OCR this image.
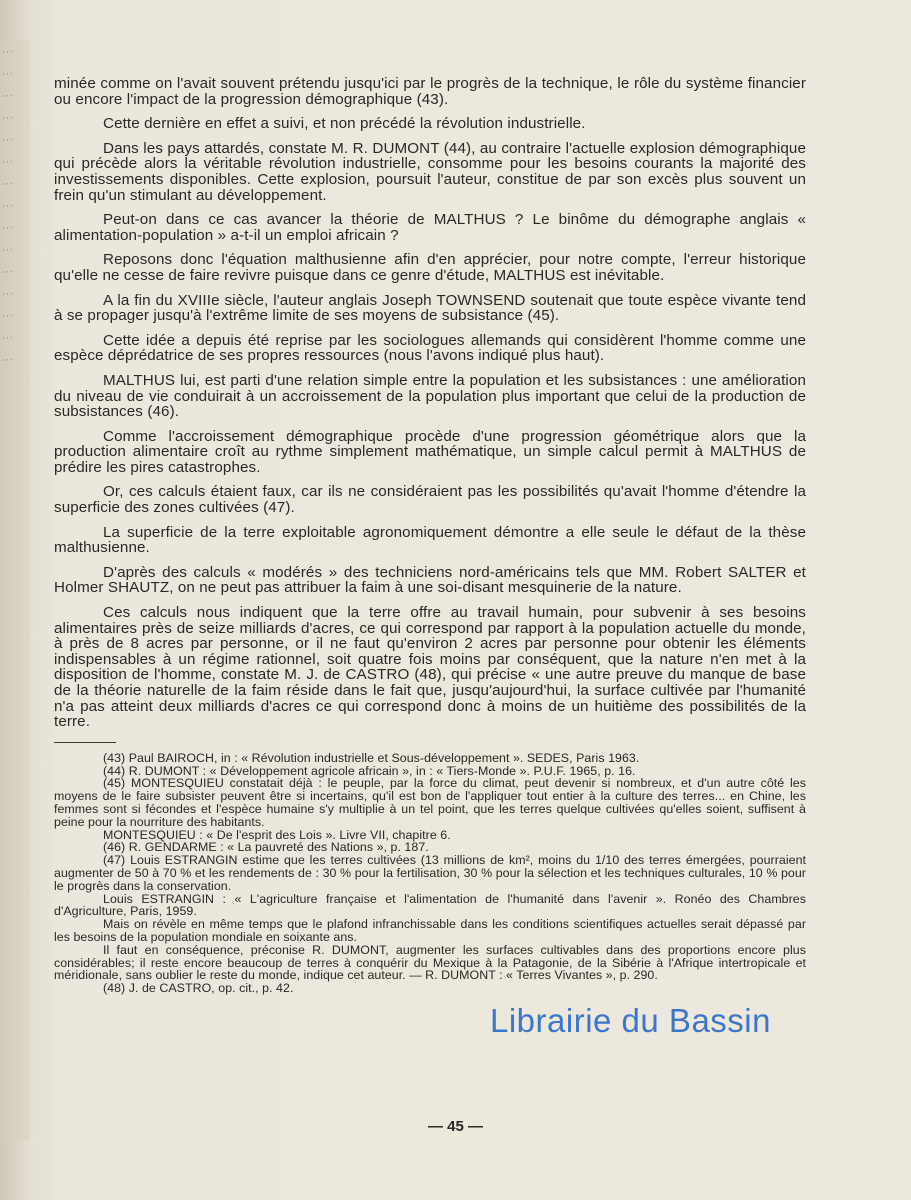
···
···
···
···
···
···
···
···
···
···
···
···
···
···
···

minée comme on l'avait souvent prétendu jusqu'ici par le progrès de la technique, le rôle du système financier ou encore l'impact de la progression démographique (43).

Cette dernière en effet a suivi, et non précédé la révolution industrielle.

Dans les pays attardés, constate M. R. DUMONT (44), au contraire l'actuelle explosion démographique qui précède alors la véritable révolution industrielle, consomme pour les besoins courants la majorité des investissements disponibles. Cette explosion, poursuit l'auteur, constitue de par son excès plus souvent un frein qu'un stimulant au développement.

Peut-on dans ce cas avancer la théorie de MALTHUS ? Le binôme du démographe anglais « alimentation-population » a-t-il un emploi africain ?

Reposons donc l'équation malthusienne afin d'en apprécier, pour notre compte, l'erreur historique qu'elle ne cesse de faire revivre puisque dans ce genre d'étude, MALTHUS est inévitable.

A la fin du XVIIIe siècle, l'auteur anglais Joseph TOWNSEND soutenait que toute espèce vivante tend à se propager jusqu'à l'extrême limite de ses moyens de subsistance (45).

Cette idée a depuis été reprise par les sociologues allemands qui considèrent l'homme comme une espèce déprédatrice de ses propres ressources (nous l'avons indiqué plus haut).

MALTHUS lui, est parti d'une relation simple entre la population et les subsistances : une amélioration du niveau de vie conduirait à un accroissement de la population plus important que celui de la production de subsistances (46).

Comme l'accroissement démographique procède d'une progression géométrique alors que la production alimentaire croît au rythme simplement mathématique, un simple calcul permit à MALTHUS de prédire les pires catastrophes.

Or, ces calculs étaient faux, car ils ne considéraient pas les possibilités qu'avait l'homme d'étendre la superficie des zones cultivées (47).

La superficie de la terre exploitable agronomiquement démontre a elle seule le défaut de la thèse malthusienne.

D'après des calculs « modérés » des techniciens nord-américains tels que MM. Robert SALTER et Holmer SHAUTZ, on ne peut pas attribuer la faim à une soi-disant mesquinerie de la nature.

Ces calculs nous indiquent que la terre offre au travail humain, pour subvenir à ses besoins alimentaires près de seize milliards d'acres, ce qui correspond par rapport à la population actuelle du monde, à près de 8 acres par personne, or il ne faut qu'environ 2 acres par personne pour obtenir les éléments indispensables à un régime rationnel, soit quatre fois moins par conséquent, que la nature n'en met à la disposition de l'homme, constate M. J. de CASTRO (48), qui précise « une autre preuve du manque de base de la théorie naturelle de la faim réside dans le fait que, jusqu'aujourd'hui, la surface cultivée par l'humanité n'a pas atteint deux milliards d'acres ce qui correspond donc à moins de un huitième des possibilités de la terre.

(43) Paul BAIROCH, in : « Révolution industrielle et Sous-développement ». SEDES, Paris 1963.

(44) R. DUMONT : « Développement agricole africain », in : « Tiers-Monde ». P.U.F. 1965, p. 16.

(45) MONTESQUIEU constatait déjà : le peuple, par la force du climat, peut devenir si nombreux, et d'un autre côté les moyens de le faire subsister peuvent être si incertains, qu'il est bon de l'appliquer tout entier à la culture des terres... en Chine, les femmes sont si fécondes et l'espèce humaine s'y multiplie à un tel point, que les terres quelque cultivées qu'elles soient, suffisent à peine pour la nourriture des habitants.

MONTESQUIEU : « De l'esprit des Lois ». Livre VII, chapitre 6.

(46) R. GENDARME : « La pauvreté des Nations », p. 187.

(47) Louis ESTRANGIN estime que les terres cultivées (13 millions de km², moins du 1/10 des terres émergées, pourraient augmenter de 50 à 70 % et les rendements de : 30 % pour la fertilisation, 30 % pour la sélection et les techniques culturales, 10 % pour le progrès dans la conservation.

Louis ESTRANGIN : « L'agriculture française et l'alimentation de l'humanité dans l'avenir ». Ronéo des Chambres d'Agriculture, Paris, 1959.

Mais on révèle en même temps que le plafond infranchissable dans les conditions scientifiques actuelles serait dépassé par les besoins de la population mondiale en soixante ans.

Il faut en conséquence, préconise R. DUMONT, augmenter les surfaces cultivables dans des proportions encore plus considérables; il reste encore beaucoup de terres à conquérir du Mexique à la Patagonie, de la Sibérie à l'Afrique intertropicale et méridionale, sans oublier le reste du monde, indique cet auteur. — R. DUMONT : « Terres Vivantes », p. 290.

(48) J. de CASTRO, op. cit., p. 42.

Librairie du Bassin
— 45 —
